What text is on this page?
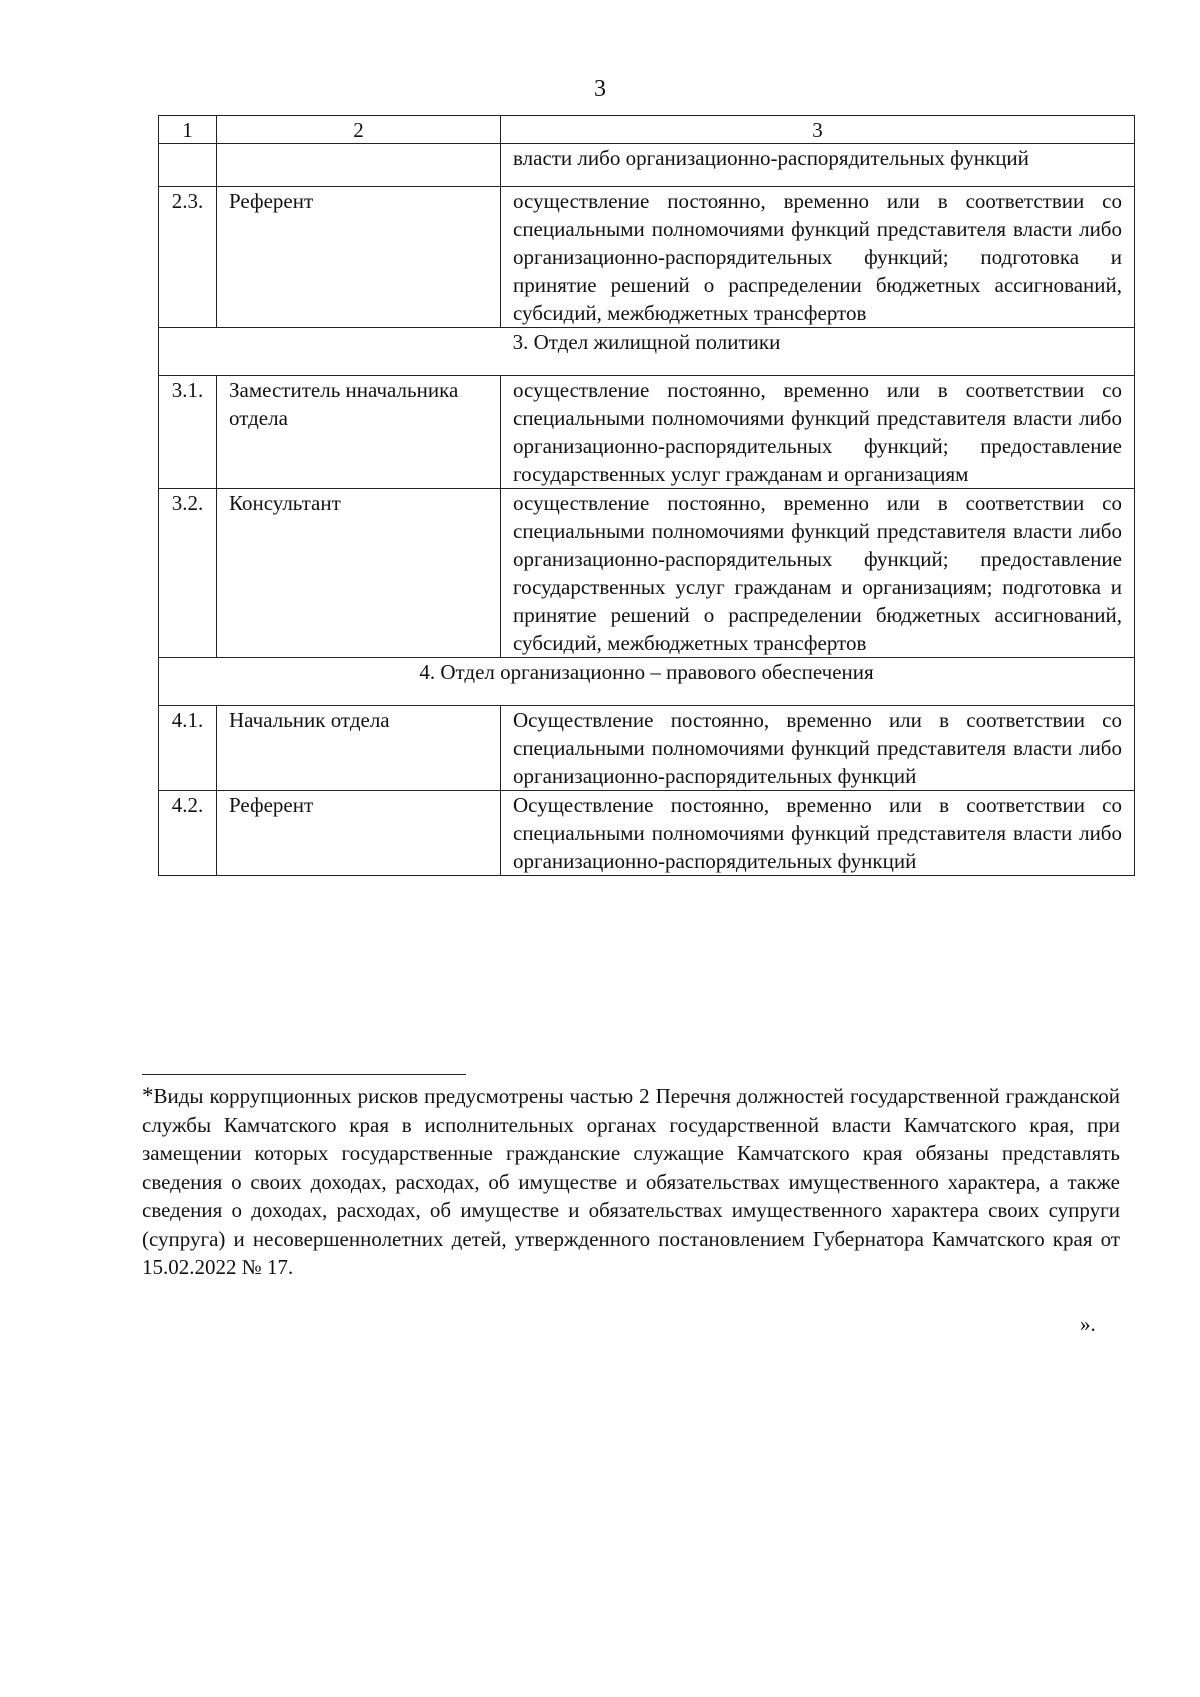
3
1	2	3
		власти либо организационно-распорядительных функций
2.3.	Референт	осуществление постоянно, временно или в соответствии со специальными полномочиями функций представителя власти либо организационно-распорядительных функций; подготовка и принятие решений о распределении бюджетных ассигнований, субсидий, межбюджетных трансфертов
3. Отдел жилищной политики		
3.1.	Заместитель нначальника отдела	осуществление постоянно, временно или в соответствии со специальными полномочиями функций представителя власти либо организационно-распорядительных функций; предоставление государственных услуг гражданам и организациям
3.2.	Консультант	осуществление постоянно, временно или в соответствии со специальными полномочиями функций представителя власти либо организационно-распорядительных функций; предоставление государственных услуг гражданам и организациям; подготовка и принятие решений о распределении бюджетных ассигнований, субсидий, межбюджетных трансфертов
4. Отдел организационно – правового обеспечения		
4.1.	Начальник отдела	Осуществление постоянно, временно или в соответствии со специальными полномочиями функций представителя власти либо организационно-распорядительных функций
4.2.	Референт	Осуществление постоянно, временно или в соответствии со специальными полномочиями функций представителя власти либо организационно-распорядительных функций

*Виды коррупционных рисков предусмотрены частью 2 Перечня должностей государственной гражданской службы Камчатского края в исполнительных органах государственной власти Камчатского края, при замещении которых государственные гражданские служащие Камчатского края обязаны представлять сведения о своих доходах, расходах, об имуществе и обязательствах имущественного характера, а также сведения о доходах, расходах, об имуществе и обязательствах имущественного характера своих супруги (супруга) и несовершеннолетних детей, утвержденного постановлением Губернатора Камчатского края от 15.02.2022 № 17.

».
